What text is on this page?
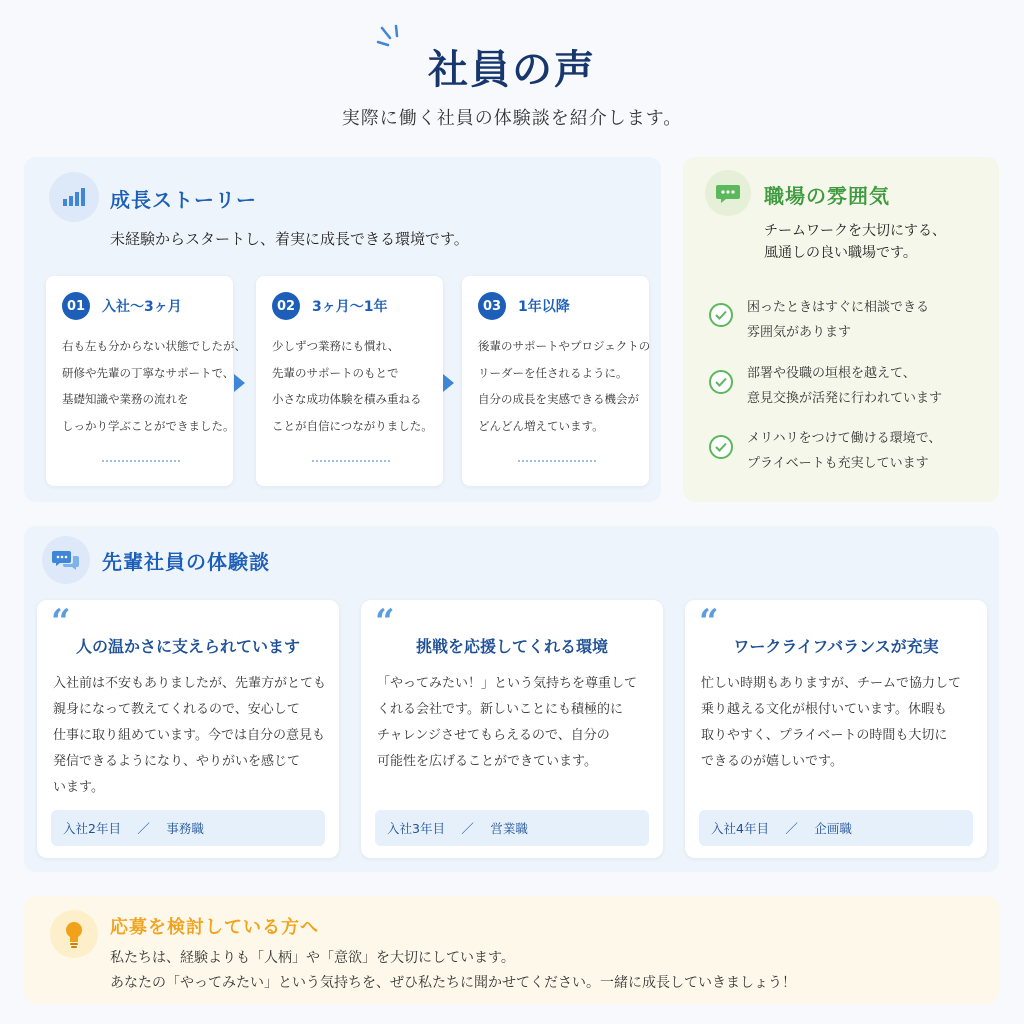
社員の声
実際に働く社員の体験談を紹介します。
成長ストーリー
未経験からスタートし、着実に成長できる環境です。
01	入社〜3ヶ月
右も左も分からない状態でしたが、
研修や先輩の丁寧なサポートで、
基礎知識や業務の流れを
しっかり学ぶことができました。
02	3ヶ月〜1年
少しずつ業務にも慣れ、
先輩のサポートのもとで
小さな成功体験を積み重ねる
ことが自信につながりました。
03	1年以降
後輩のサポートやプロジェクトの
リーダーを任されるように。
自分の成長を実感できる機会が
どんどん増えています。
職場の雰囲気
チームワークを大切にする、
風通しの良い職場です。
困ったときはすぐに相談できる
雰囲気があります
部署や役職の垣根を越えて、
意見交換が活発に行われています
メリハリをつけて働ける環境で、
プライベートも充実しています
先輩社員の体験談
“
人の温かさに支えられています
入社前は不安もありましたが、先輩方がとても
親身になって教えてくれるので、安心して
仕事に取り組めています。今では自分の意見も
発信できるようになり、やりがいを感じて
います。
入社2年目　 ／　 事務職
“
挑戦を応援してくれる環境
「やってみたい！」という気持ちを尊重して
くれる会社です。新しいことにも積極的に
チャレンジさせてもらえるので、自分の
可能性を広げることができています。
入社3年目　 ／　 営業職
“
ワークライフバランスが充実
忙しい時期もありますが、チームで協力して
乗り越える文化が根付いています。休暇も
取りやすく、プライベートの時間も大切に
できるのが嬉しいです。
入社4年目　 ／　 企画職
応募を検討している方へ
私たちは、経験よりも「人柄」や「意欲」を大切にしています。
あなたの「やってみたい」という気持ちを、ぜひ私たちに聞かせてください。一緒に成長していきましょう！
